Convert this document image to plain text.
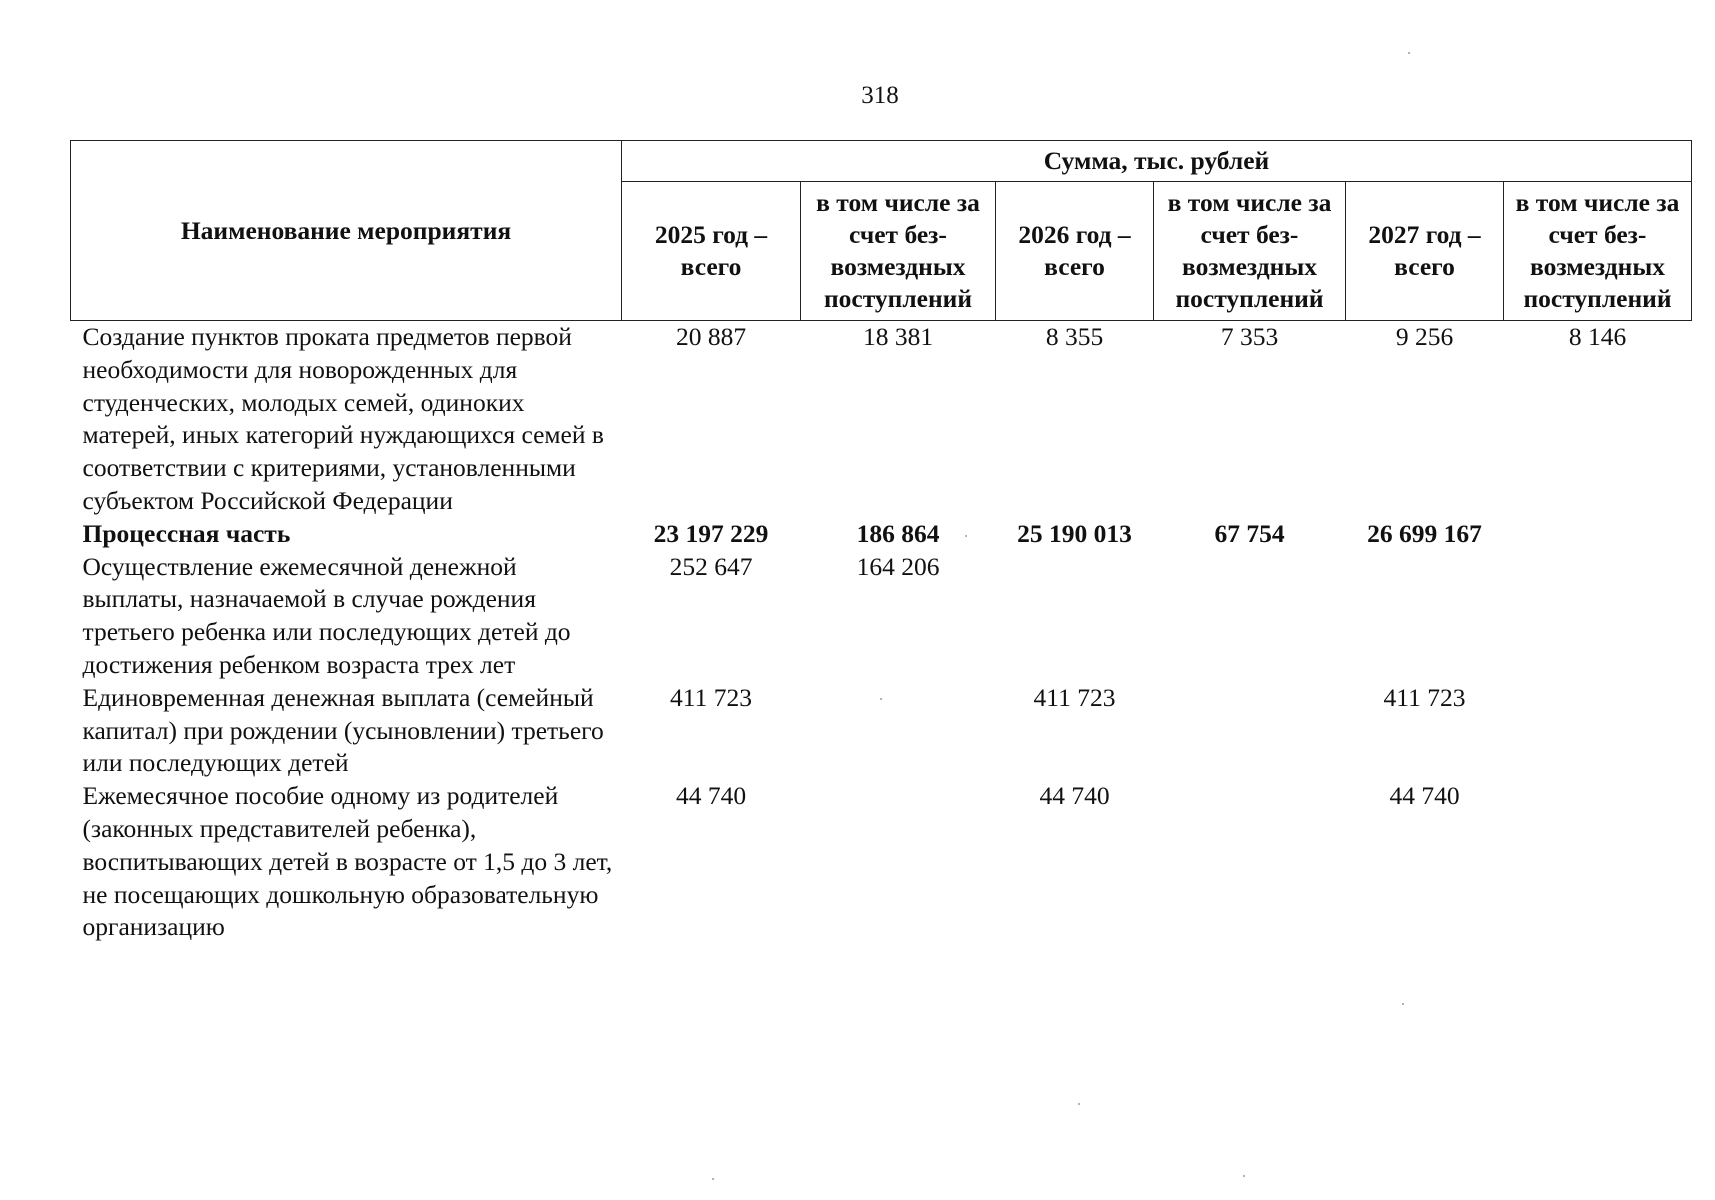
318
Наименование мероприятия	Сумма, тыс. рублей					
	2025 год – всего	в том числе за счет без-возмездных поступлений	2026 год – всего	в том числе за счет без-возмездных поступлений	2027 год – всего	в том числе за счет без-возмездных поступлений
Создание пунктов проката предметов первой необходимости для новорожденных для студенческих, молодых семей, одиноких матерей, иных категорий нуждающихся семей в соответствии с критериями, установленными субъектом Российской Федерации	20 887	18 381	8 355	7 353	9 256	8 146
Процессная часть	23 197 229	186 864	25 190 013	67 754	26 699 167	
Осуществление ежемесячной денежной выплаты, назначаемой в случае рождения третьего ребенка или последующих детей до достижения ребенком возраста трех лет	252 647	164 206				
Единовременная денежная выплата (семейный капитал) при рождении (усыновлении) третьего или последующих детей	411 723		411 723		411 723	
Ежемесячное пособие одному из родителей (законных представителей ребенка), воспитывающих детей в возрасте от 1,5 до 3 лет, не посещающих дошкольную образовательную организацию	44 740		44 740		44 740	
